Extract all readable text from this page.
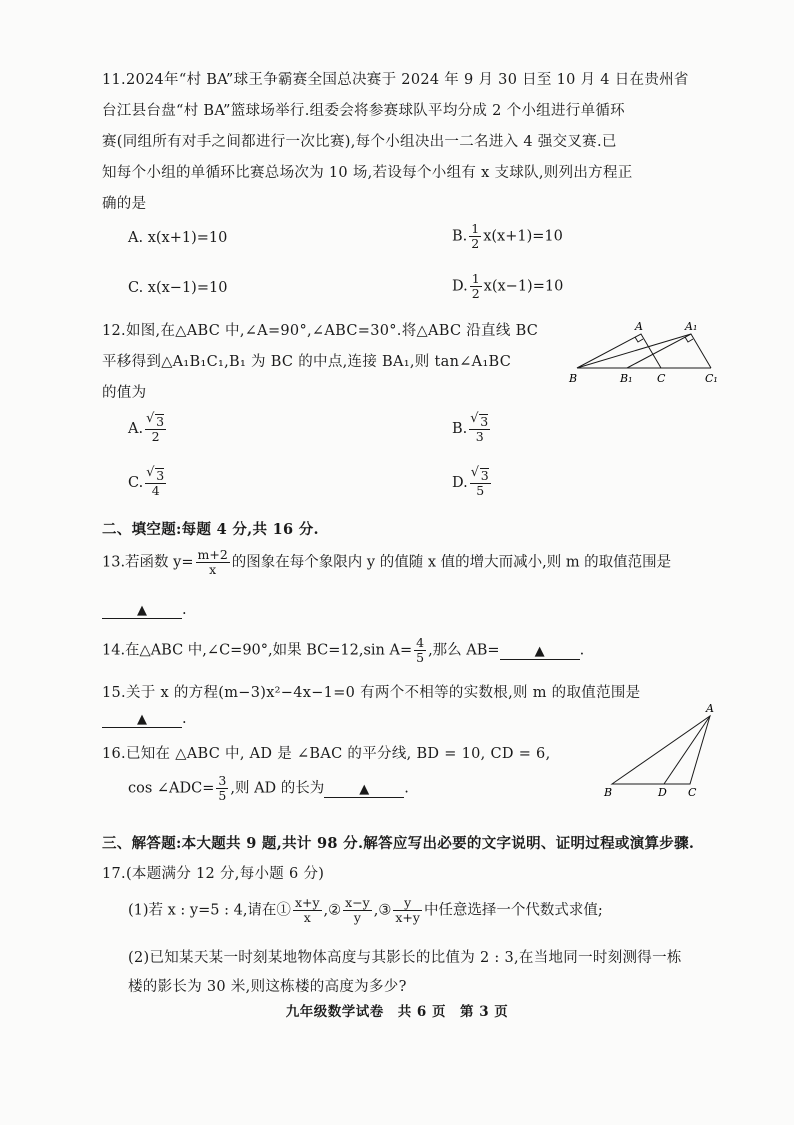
11.2024年“村 BA”球王争霸赛全国总决赛于 2024 年 9 月 30 日至 10 月 4 日在贵州省
台江县台盘“村 BA”篮球场举行.组委会将参赛球队平均分成 2 个小组进行单循环
赛(同组所有对手之间都进行一次比赛),每个小组决出一二名进入 4 强交叉赛.已
知每个小组的单循环比赛总场次为 10 场,若设每个小组有 x 支球队,则列出方程正
确的是
A. x(x+1)=10	B. $\frac{1}{2} x(x+1)=10$
C. x(x−1)=10	D. $\frac{1}{2} x(x-1)=10$
12.如图,在△ABC 中,∠A=90°,∠ABC=30°.将△ABC 沿直线 BC
平移得到△A₁B₁C₁,B₁ 为 BC 的中点,连接 BA₁,则 tan∠A₁BC
的值为
A	A₁
B	B₁ C	C₁
A. √ $\frac{3}{2}$	B. √ $\frac{3}{3}$
C. √ $\frac{3}{4}$	D. √ $\frac{3}{5}$
二、填空题:每题 4 分,共 16 分.
13.若函数 $y= \frac{m+2}{x}$ 的图象在每个象限内 y 的值随 x 值的增大而减小,则 m 的取值范围是
▲ .
14.在△ABC 中,∠C=90°,如果 BC=12,sin $A= \frac{4}{5}$ ,那么 AB=	▲ .
15.关于 x 的方程(m−3)x²−4x−1=0 有两个不相等的实数根,则 m 的取值范围是
▲ .
16.已知在 △ABC 中, AD 是 ∠BAC 的平分线, BD = 10, CD = 6,
cos ∠ADC= $\frac{3}{5}$ ,则 AD 的长为	▲ .
A
B	D C
三、解答题:本大题共 9 题,共计 98 分.解答应写出必要的文字说明、证明过程或演算步骤.
17.(本题满分 12 分,每小题 6 分)
(1)若 x : y=5 : 4,请在① $\frac{x+y}{x}$ ,② $\frac{x-y}{y}$ ,③ $\frac{y}{x+y}$ 中任意选择一个代数式求值;
(2)已知某天某一时刻某地物体高度与其影长的比值为 2 : 3,在当地同一时刻测得一栋
楼的影长为 30 米,则这栋楼的高度为多少?
九年级数学试卷　共 6 页　第 3 页
